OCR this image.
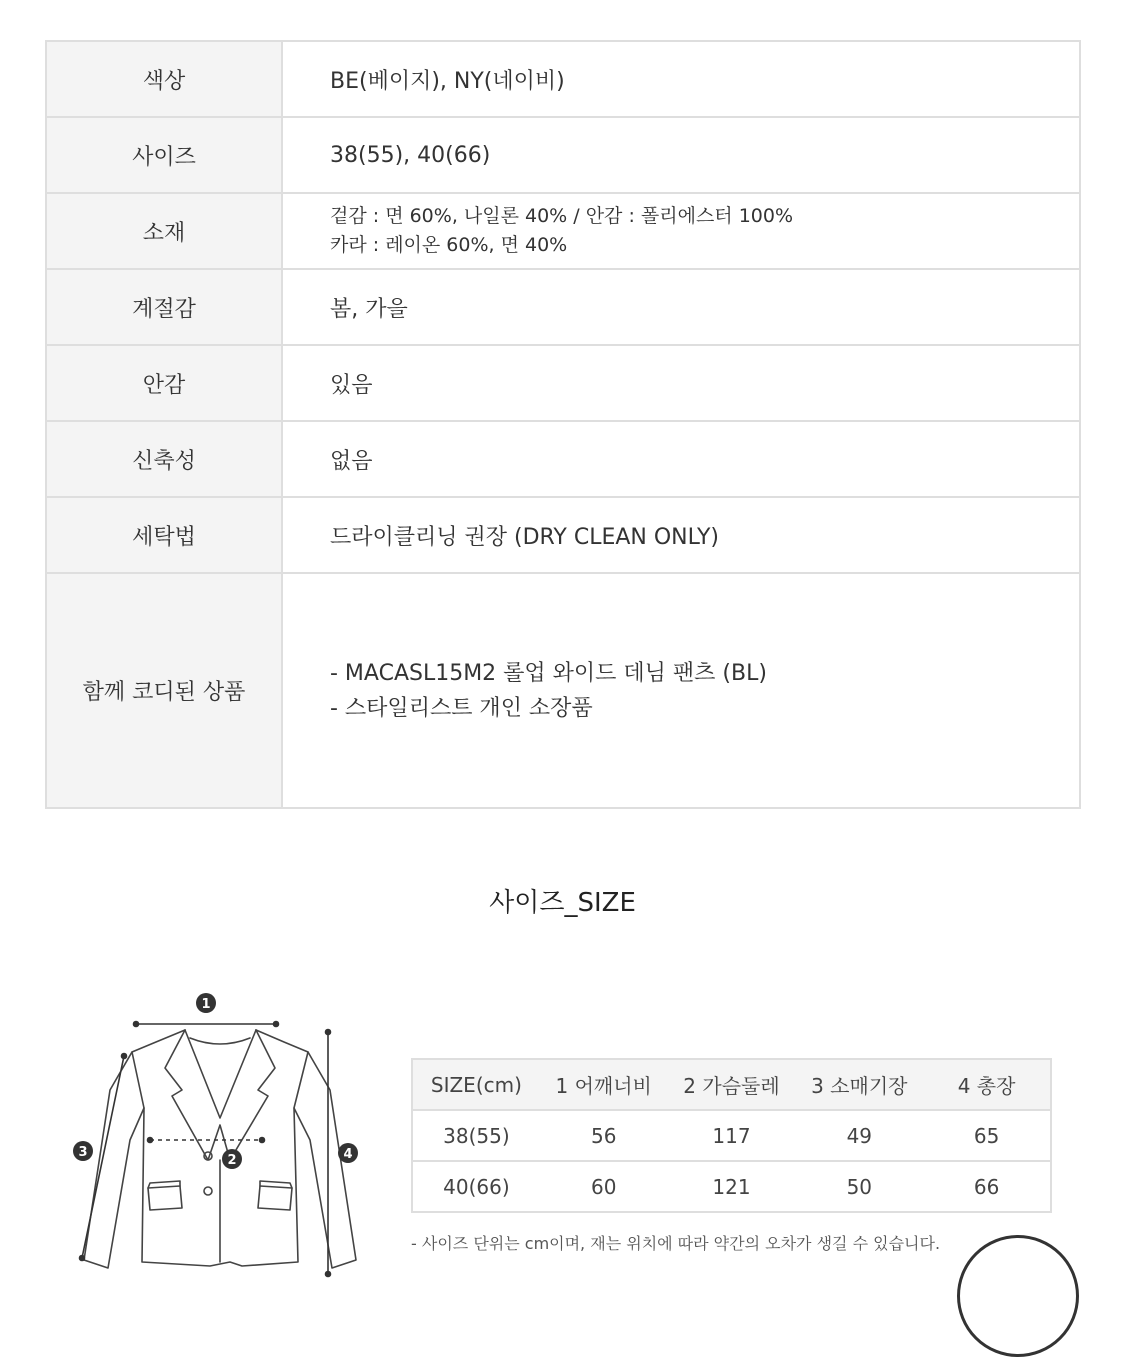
색상	BE(베이지), NY(네이비)
사이즈	38(55), 40(66)
소재	겉감 : 면 60%, 나일론 40% / 안감 : 폴리에스터 100%
카라 : 레이온 60%, 면 40%

계절감	봄, 가을
안감	있음
신축성	없음
세탁법	드라이클리닝 권장 (DRY CLEAN ONLY)
함께 코디된 상품	- MACASL15M2 롤업 와이드 데님 팬츠 (BL)
- 스타일리스트 개인 소장품
사이즈_SIZE
1
2
3	4
SIZE(cm)	1 어깨너비	2 가슴둘레	3 소매기장	4 총장
38(55)	56	117	49	65
40(66)	60	121	50	66
- 사이즈 단위는 cm이며, 재는 위치에 따라 약간의 오차가 생길 수 있습니다.
